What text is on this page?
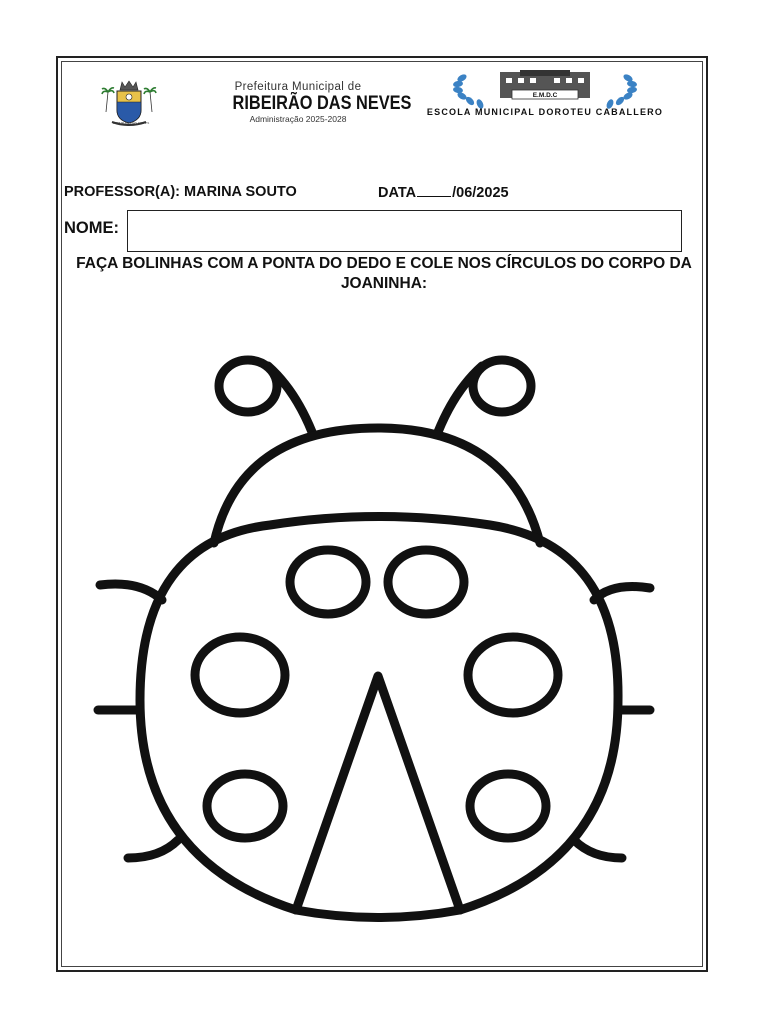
RIBEIRÃO DAS NEVES
Prefeitura Municipal de
RIBEIRÃO DAS NEVES
Administração 2025-2028
E.M.D.C
ESCOLA MUNICIPAL DOROTEU CABALLERO
PROFESSOR(A): MARINA SOUTO	DATA /06/2025
NOME:
FAÇA BOLINHAS COM A PONTA DO DEDO E COLE NOS CÍRCULOS DO CORPO DA JOANINHA:
